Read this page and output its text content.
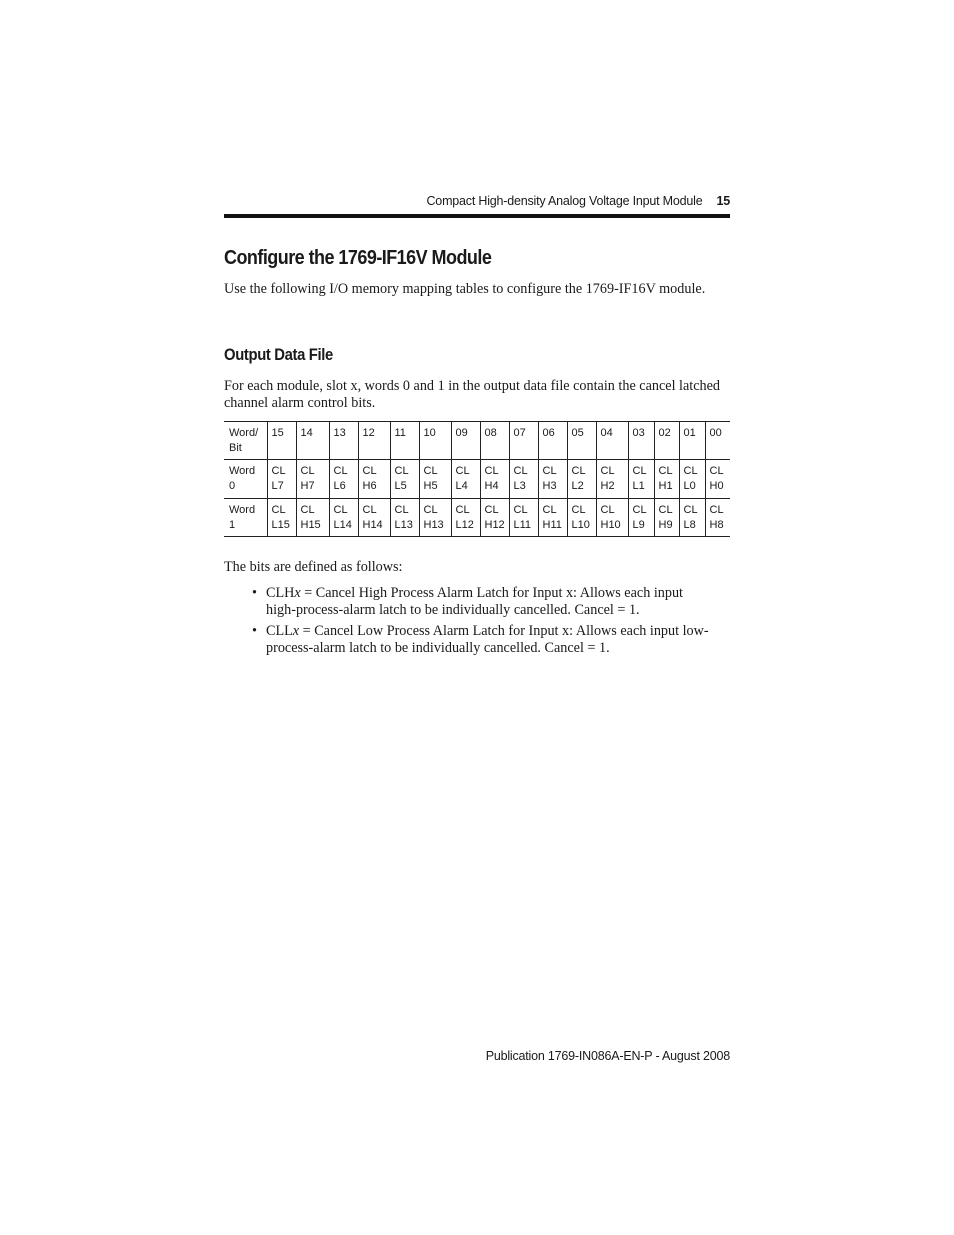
Compact High-density Analog Voltage Input Module 15
Configure the 1769-IF16V Module

Use the following I/O memory mapping tables to configure the 1769-IF16V module.

Output Data File

For each module, slot x, words 0 and 1 in the output data file contain the cancel latched channel alarm control bits.

Word/ Bit	15	14	13	12	11	10	09	08	07	06	05	04	03	02	01	00
Word 0	CL L7	CL H7	CL L6	CL H6	CL L5	CL H5	CL L4	CL H4	CL L3	CL H3	CL L2	CL H2	CL L1	CL H1	CL L0	CL H0
Word 1	CL L15	CL H15	CL L14	CL H14	CL L13	CL H13	CL L12	CL H12	CL L11	CL H11	CL L10	CL H10	CL L9	CL H9	CL L8	CL H8

The bits are defined as follows:

• CLHx = Cancel High Process Alarm Latch for Input x: Allows each input high-process-alarm latch to be individually cancelled. Cancel = 1.
• CLLx = Cancel Low Process Alarm Latch for Input x: Allows each input low-process-alarm latch to be individually cancelled. Cancel = 1.
Publication 1769-IN086A-EN-P - August 2008
